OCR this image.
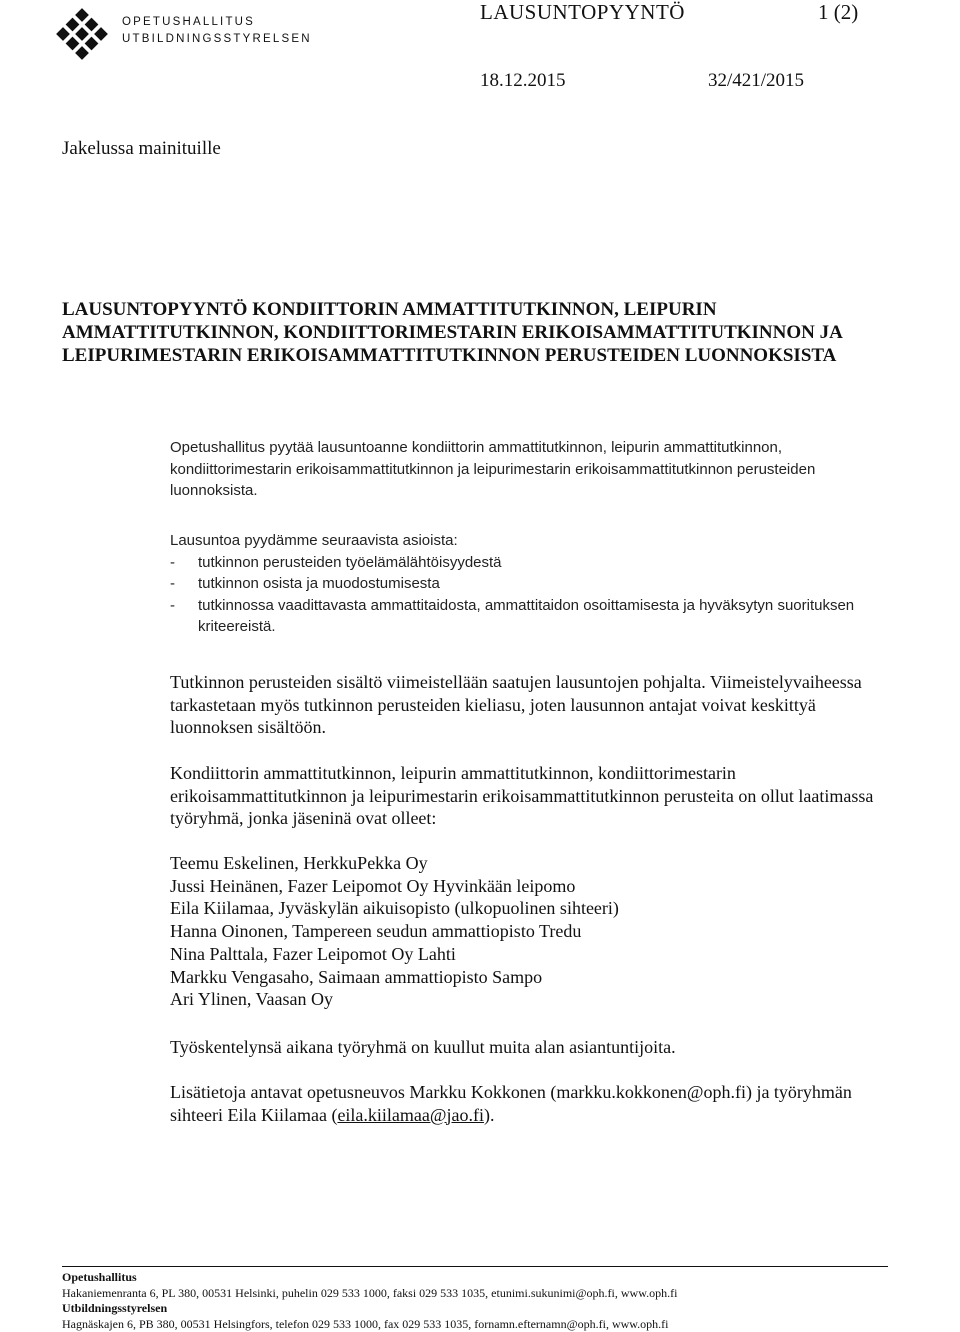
OPETUSHALLITUS
UTBILDNINGSSTYRELSEN
LAUSUNTOPYYNTÖ	1 (2)
18.12.2015	32/421/2015
Jakelussa mainituille
LAUSUNTOPYYNTÖ KONDIITTORIN AMMATTITUTKINNON, LEIPURIN AMMATTITUTKINNON, KONDIITTORIMESTARIN ERIKOISAMMATTITUTKINNON JA LEIPURIMESTARIN ERIKOISAMMATTITUTKINNON PERUSTEIDEN LUONNOKSISTA

Opetushallitus pyytää lausuntoanne kondiittorin ammattitutkinnon, leipurin ammattitutkinnon, kondiittorimestarin erikoisammattitutkinnon ja leipurimestarin erikoisammattitutkinnon perusteiden luonnoksista.

Lausuntoa pyydämme seuraavista asioista:
- tutkinnon perusteiden työelämälähtöisyydestä
- tutkinnon osista ja muodostumisesta
- tutkinnossa vaadittavasta ammattitaidosta, ammattitaidon osoittamisesta ja hyväksytyn suorituksen kriteereistä.

Tutkinnon perusteiden sisältö viimeistellään saatujen lausuntojen pohjalta. Viimeistelyvaiheessa tarkastetaan myös tutkinnon perusteiden kieliasu, joten lausunnon antajat voivat keskittyä luonnoksen sisältöön.

Kondiittorin ammattitutkinnon, leipurin ammattitutkinnon, kondiittorimestarin erikoisammattitutkinnon ja leipurimestarin erikoisammattitutkinnon perusteita on ollut laatimassa työryhmä, jonka jäseninä ovat olleet:

Teemu Eskelinen, HerkkuPekka Oy
Jussi Heinänen, Fazer Leipomot Oy Hyvinkään leipomo
Eila Kiilamaa, Jyväskylän aikuisopisto (ulkopuolinen sihteeri)
Hanna Oinonen, Tampereen seudun ammattiopisto Tredu
Nina Palttala, Fazer Leipomot Oy Lahti
Markku Vengasaho, Saimaan ammattiopisto Sampo
Ari Ylinen, Vaasan Oy

Työskentelynsä aikana työryhmä on kuullut muita alan asiantuntijoita.

Lisätietoja antavat opetusneuvos Markku Kokkonen (markku.kokkonen@oph.fi) ja työryhmän sihteeri Eila Kiilamaa (eila.kiilamaa@jao.fi).

Opetushallitus
Hakaniemenranta 6, PL 380, 00531 Helsinki, puhelin 029 533 1000, faksi 029 533 1035, etunimi.sukunimi@oph.fi, www.oph.fi
Utbildningsstyrelsen
Hagnäskajen 6, PB 380, 00531 Helsingfors, telefon 029 533 1000, fax 029 533 1035, fornamn.efternamn@oph.fi, www.oph.fi
